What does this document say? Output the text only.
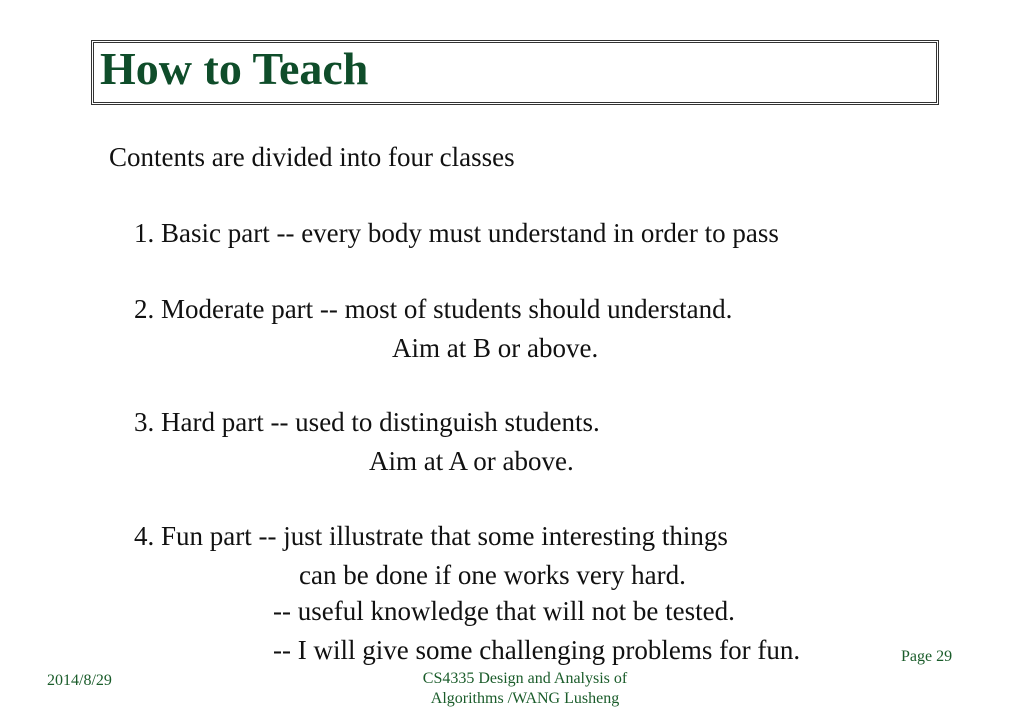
How to Teach
Contents are divided into four classes
1. Basic part -- every body must understand in order to pass
2. Moderate part -- most of students should understand.
Aim at B or above.
3. Hard part -- used to distinguish students.
Aim at A or above.
4. Fun part -- just illustrate that some interesting things
can be done if one works very hard.
-- useful knowledge that will not be tested.
-- I will give some challenging problems for fun.	Page 29
2014/8/29	CS4335 Design and Analysis of
Algorithms /WANG Lusheng
